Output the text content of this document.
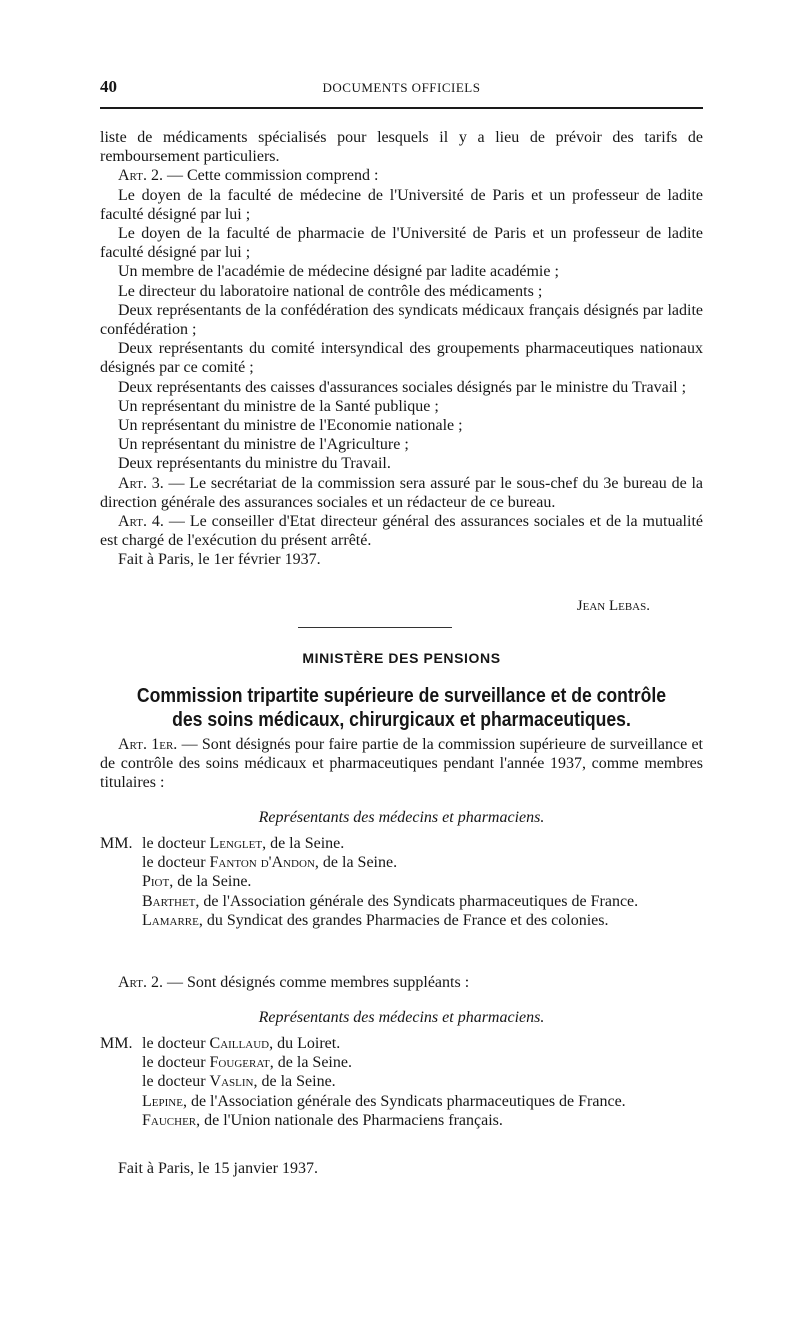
40	DOCUMENTS OFFICIELS

liste de médicaments spécialisés pour lesquels il y a lieu de prévoir des tarifs de remboursement particuliers.

Art. 2. — Cette commission comprend :

Le doyen de la faculté de médecine de l'Université de Paris et un professeur de ladite faculté désigné par lui ;

Le doyen de la faculté de pharmacie de l'Université de Paris et un professeur de ladite faculté désigné par lui ;

Un membre de l'académie de médecine désigné par ladite académie ;

Le directeur du laboratoire national de contrôle des médicaments ;

Deux représentants de la confédération des syndicats médicaux français désignés par ladite confédération ;

Deux représentants du comité intersyndical des groupements pharmaceutiques nationaux désignés par ce comité ;

Deux représentants des caisses d'assurances sociales désignés par le ministre du Travail ;

Un représentant du ministre de la Santé publique ;

Un représentant du ministre de l'Economie nationale ;

Un représentant du ministre de l'Agriculture ;

Deux représentants du ministre du Travail.

Art. 3. — Le secrétariat de la commission sera assuré par le sous-chef du 3e bureau de la direction générale des assurances sociales et un rédacteur de ce bureau.

Art. 4. — Le conseiller d'Etat directeur général des assurances sociales et de la mutualité est chargé de l'exécution du présent arrêté.

Fait à Paris, le 1er février 1937.

Jean Lebas.
MINISTÈRE DES PENSIONS
Commission tripartite supérieure de surveillance et de contrôle des soins médicaux, chirurgicaux et pharmaceutiques.

Art. 1er. — Sont désignés pour faire partie de la commission supérieure de surveillance et de contrôle des soins médicaux et pharmaceutiques pendant l'année 1937, comme membres titulaires :

Représentants des médecins et pharmaciens.
MM. le docteur Lenglet, de la Seine.
le docteur Fanton d'Andon, de la Seine.
Piot, de la Seine.
Barthet, de l'Association générale des Syndicats pharmaceutiques de France.
Lamarre, du Syndicat des grandes Pharmacies de France et des colonies.
Art. 2. — Sont désignés comme membres suppléants :
Représentants des médecins et pharmaciens.
MM. le docteur Caillaud, du Loiret.
le docteur Fougerat, de la Seine.
le docteur Vaslin, de la Seine.
Lepine, de l'Association générale des Syndicats pharmaceutiques de France.
Faucher, de l'Union nationale des Pharmaciens français.
Fait à Paris, le 15 janvier 1937.
